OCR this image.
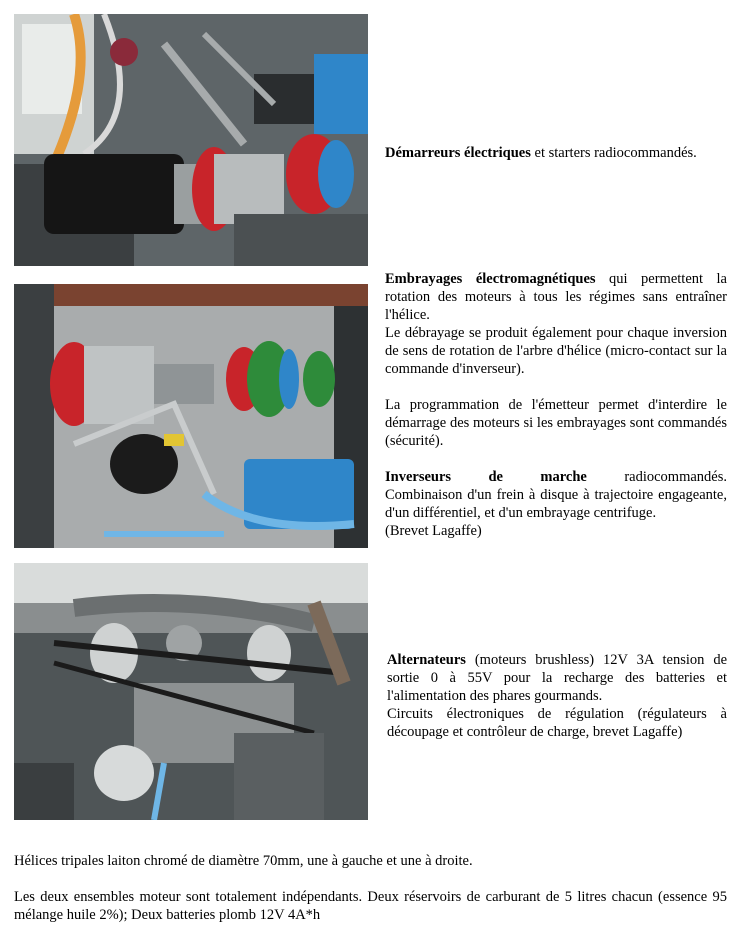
Démarreurs électriques et starters radiocommandés.

Embrayages électromagnétiques qui permettent la rotation des moteurs à tous les régimes sans entraîner l'hélice.

Le débrayage se produit également pour chaque inversion de sens de rotation de l'arbre d'hélice (micro-contact sur la commande d'inverseur).

La programmation de l'émetteur permet d'interdire le démarrage des moteurs si les embrayages sont commandés (sécurité).

Inverseurs de marche radiocommandés.

Combinaison d'un frein à disque à trajectoire engageante, d'un différentiel, et d'un embrayage centrifuge.

(Brevet Lagaffe)

Alternateurs (moteurs brushless) 12V 3A tension de sortie 0 à 55V pour la recharge des batteries et l'alimentation des phares gourmands.

Circuits électroniques de régulation (régulateurs à découpage et contrôleur de charge, brevet Lagaffe)

Hélices tripales laiton chromé de diamètre 70mm, une à gauche et une à droite.

Les deux ensembles moteur sont totalement indépendants. Deux réservoirs de carburant de 5 litres chacun (essence 95 mélange huile 2%); Deux batteries plomb 12V 4A*h
